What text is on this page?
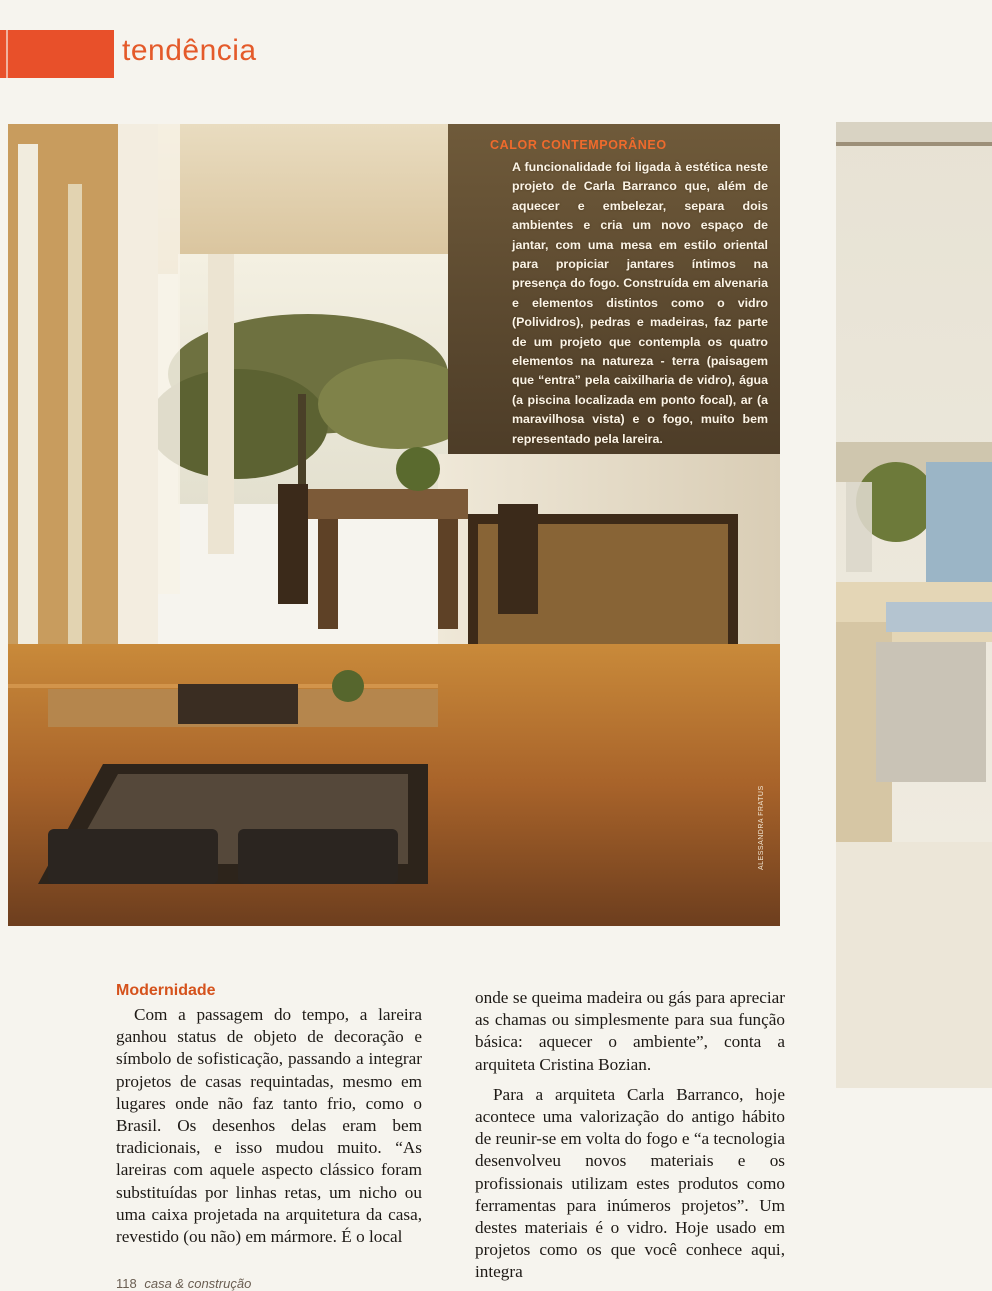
tendência
CALOR CONTEMPORÂNEO
A funcionalidade foi ligada à estética neste projeto de Carla Barranco que, além de aquecer e embelezar, separa dois ambientes e cria um novo espaço de jantar, com uma mesa em estilo oriental para propiciar jantares íntimos na presença do fogo. Construída em alvenaria e elementos distintos como o vidro (Polividros), pedras e madeiras, faz parte de um projeto que contempla os quatro elementos na natureza - terra (paisagem que “entra” pela caixilharia de vidro), água (a piscina localizada em ponto focal), ar (a maravilhosa vista) e o fogo, muito bem representado pela lareira.
ALESSANDRA FRATUS
Modernidade

Com a passagem do tempo, a lareira ganhou status de objeto de decoração e símbolo de sofisticação, passando a integrar projetos de casas requintadas, mesmo em lugares onde não faz tanto frio, como o Brasil. Os desenhos delas eram bem tradicionais, e isso mudou muito. “As lareiras com aquele aspecto clássico foram substituídas por linhas retas, um nicho ou uma caixa projetada na arquitetura da casa, revestido (ou não) em mármore. É o local

onde se queima madeira ou gás para apreciar as chamas ou simplesmente para sua função básica: aquecer o ambiente”, conta a arquiteta Cristina Bozian.

Para a arquiteta Carla Barranco, hoje acontece uma valorização do antigo hábito de reunir-se em volta do fogo e “a tecnologia desenvolveu novos materiais e os profissionais utilizam estes produtos como ferramentas para inúmeros projetos”. Um destes materiais é o vidro. Hoje usado em projetos como os que você conhece aqui, integra

118 casa & construção
